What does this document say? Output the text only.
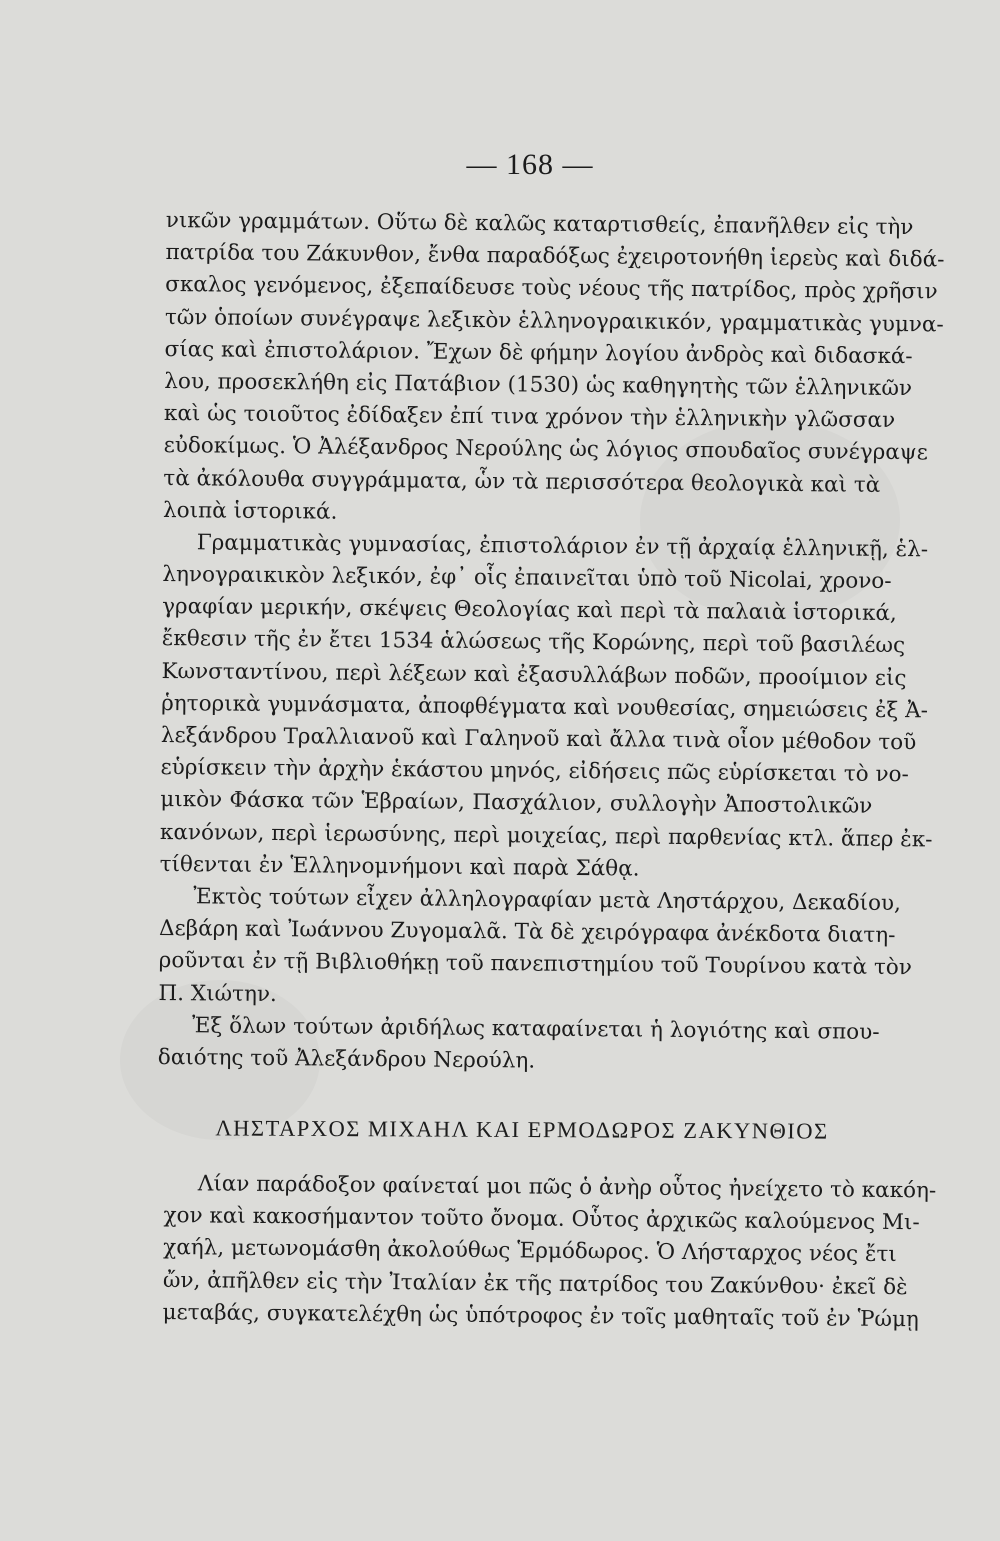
— 168 —
νικῶν γραμμάτων. Οὕτω δὲ καλῶς καταρτισθείς, ἐπανῆλθεν εἰς τὴν
πατρίδα του Ζάκυνθον, ἔνθα παραδόξως ἐχειροτονήθη ἱερεὺς καὶ διδά-
σκαλος γενόμενος, ἐξεπαίδευσε τοὺς νέους τῆς πατρίδος, πρὸς χρῆσιν
τῶν ὁποίων συνέγραψε λεξικὸν ἑλληνογραικικόν, γραμματικὰς γυμνα-
σίας καὶ ἐπιστολάριον. Ἔχων δὲ φήμην λογίου ἀνδρὸς καὶ διδασκά-
λου, προσεκλήθη εἰς Πατάβιον (1530) ὡς καθηγητὴς τῶν ἑλληνικῶν
καὶ ὡς τοιοῦτος ἐδίδαξεν ἐπί τινα χρόνον τὴν ἑλληνικὴν γλῶσσαν
εὐδοκίμως. Ὁ Ἀλέξανδρος Νερούλης ὡς λόγιος σπουδαῖος συνέγραψε
τὰ ἀκόλουθα συγγράμματα, ὧν τὰ περισσότερα θεολογικὰ καὶ τὰ
λοιπὰ ἱστορικά.
Γραμματικὰς γυμνασίας, ἐπιστολάριον ἐν τῇ ἀρχαίᾳ ἑλληνικῇ, ἑλ-
ληνογραικικὸν λεξικόν, ἐφ᾽ οἷς ἐπαινεῖται ὑπὸ τοῦ Nicolai, χρονο-
γραφίαν μερικήν, σκέψεις Θεολογίας καὶ περὶ τὰ παλαιὰ ἱστορικά,
ἔκθεσιν τῆς ἐν ἔτει 1534 ἁλώσεως τῆς Κορώνης, περὶ τοῦ βασιλέως
Κωνσταντίνου, περὶ λέξεων καὶ ἐξασυλλάβων ποδῶν, προοίμιον εἰς
ῥητορικὰ γυμνάσματα, ἀποφθέγματα καὶ νουθεσίας, σημειώσεις ἐξ Ἀ-
λεξάνδρου Τραλλιανοῦ καὶ Γαληνοῦ καὶ ἄλλα τινὰ οἷον μέθοδον τοῦ
εὑρίσκειν τὴν ἀρχὴν ἑκάστου μηνός, εἰδήσεις πῶς εὑρίσκεται τὸ νο-
μικὸν Φάσκα τῶν Ἑβραίων, Πασχάλιον, συλλογὴν Ἀποστολικῶν
κανόνων, περὶ ἱερωσύνης, περὶ μοιχείας, περὶ παρθενίας κτλ. ἅπερ ἐκ-
τίθενται ἐν Ἑλληνομνήμονι καὶ παρὰ Σάθᾳ.
Ἐκτὸς τούτων εἶχεν ἀλληλογραφίαν μετὰ Ληστάρχου, Δεκαδίου,
Δεβάρη καὶ Ἰωάννου Ζυγομαλᾶ. Τὰ δὲ χειρόγραφα ἀνέκδοτα διατη-
ροῦνται ἐν τῇ Βιβλιοθήκῃ τοῦ πανεπιστημίου τοῦ Τουρίνου κατὰ τὸν
Π. Χιώτην.
Ἐξ ὅλων τούτων ἀριδήλως καταφαίνεται ἡ λογιότης καὶ σπου-
δαιότης τοῦ Ἀλεξάνδρου Νερούλη.
ΛΗΣΤΑΡΧΟΣ ΜΙΧΑΗΛ ΚΑΙ ΕΡΜΟΔΩΡΟΣ ΖΑΚΥΝΘΙΟΣ
Λίαν παράδοξον φαίνεταί μοι πῶς ὁ ἀνὴρ οὗτος ἠνείχετο τὸ κακόη-
χον καὶ κακοσήμαντον τοῦτο ὄνομα. Οὗτος ἀρχικῶς καλούμενος Μι-
χαήλ, μετωνομάσθη ἀκολούθως Ἑρμόδωρος. Ὁ Λήσταρχος νέος ἔτι
ὤν, ἀπῆλθεν εἰς τὴν Ἰταλίαν ἐκ τῆς πατρίδος του Ζακύνθου· ἐκεῖ δὲ
μεταβάς, συγκατελέχθη ὡς ὑπότροφος ἐν τοῖς μαθηταῖς τοῦ ἐν Ῥώμῃ
